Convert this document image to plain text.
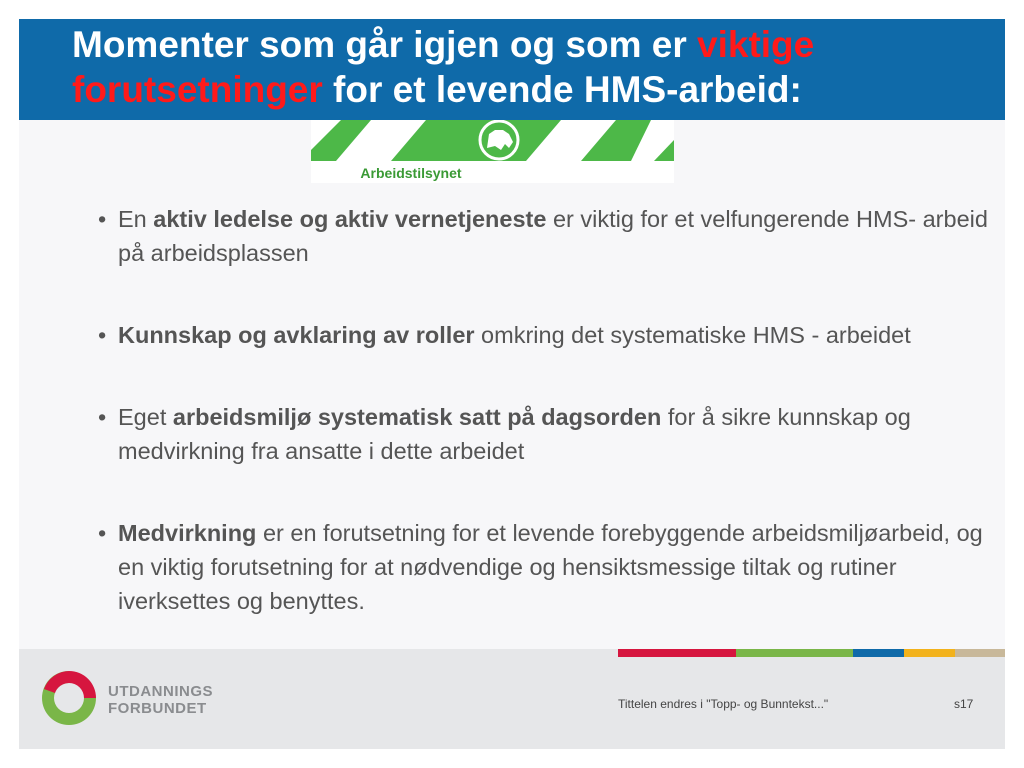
Momenter som går igjen og som er viktige
forutsetninger for et levende HMS-arbeid:
Arbeidstilsynet
• En aktiv ledelse og aktiv vernetjeneste er viktig for et velfungerende HMS- arbeid på arbeidsplassen
• Kunnskap og avklaring av roller omkring det systematiske HMS - arbeidet
• Eget arbeidsmiljø systematisk satt på dagsorden for å sikre kunnskap og medvirkning fra ansatte i dette arbeidet
• Medvirkning er en forutsetning for et levende forebyggende arbeidsmiljøarbeid, og en viktig forutsetning for at nødvendige og hensiktsmessige tiltak og rutiner iverksettes og benyttes.
UTDANNINGS
FORBUNDET	Tittelen endres i "Topp- og Bunntekst..."	s17
